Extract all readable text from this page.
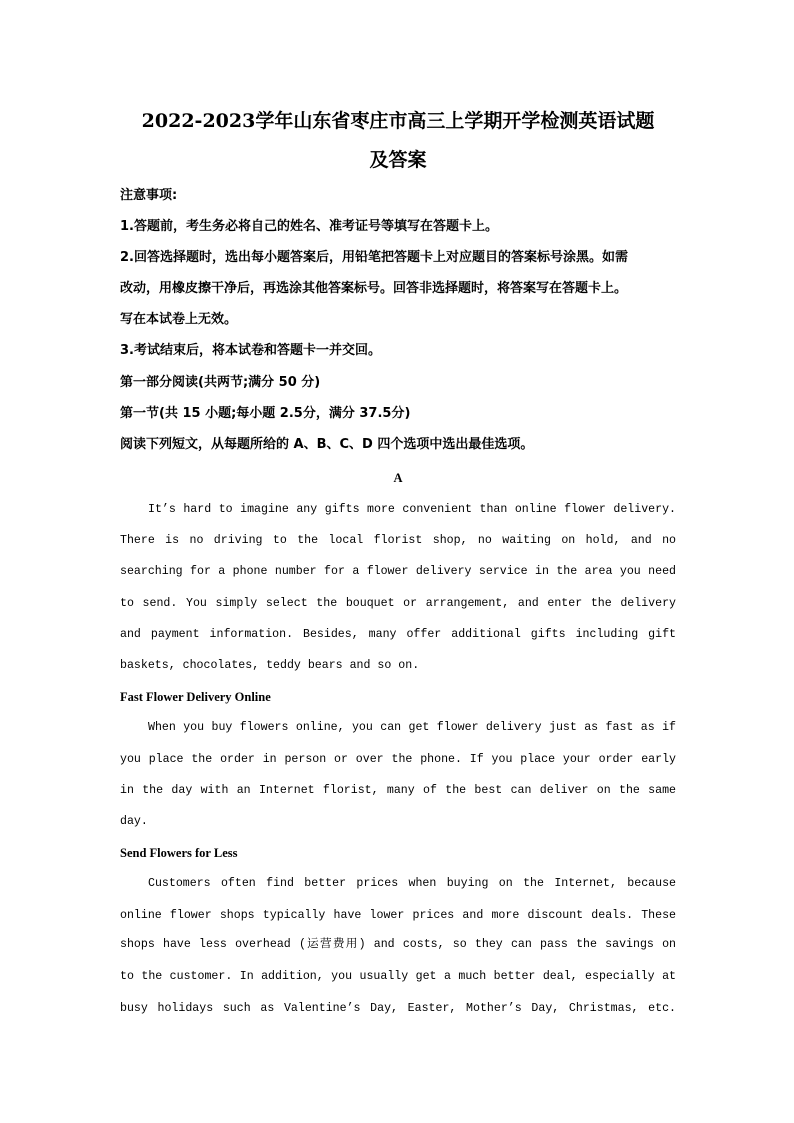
2022-2023学年山东省枣庄市高三上学期开学检测英语试题
及答案
注意事项:
1.答题前，考生务必将自己的姓名、准考证号等填写在答题卡上。
2.回答选择题时，选出每小题答案后，用铅笔把答题卡上对应题目的答案标号涂黑。如需
改动，用橡皮擦干净后，再选涂其他答案标号。回答非选择题时，将答案写在答题卡上。
写在本试卷上无效。
3.考试结束后，将本试卷和答题卡一并交回。
第一部分阅读(共两节;满分 50 分)
第一节(共 15 小题;每小题 2.5分，满分 37.5分)
阅读下列短文，从每题所给的 A、B、C、D 四个选项中选出最佳选项。
A
It’s hard to imagine any gifts more convenient than online flower delivery.
There is no driving to the local florist shop, no waiting on hold, and no
searching for a phone number for a flower delivery service in the area you need
to send. You simply select the bouquet or arrangement, and enter the delivery
and payment information. Besides, many offer additional gifts including gift
baskets, chocolates, teddy bears and so on.
Fast Flower Delivery Online
When you buy flowers online, you can get flower delivery just as fast as if
you place the order in person or over the phone. If you place your order early
in the day with an Internet florist, many of the best can deliver on the same
day.
Send Flowers for Less
Customers often find better prices when buying on the Internet, because
online flower shops typically have lower prices and more discount deals. These
shops have less overhead (运营费用) and costs, so they can pass the savings on
to the customer. In addition, you usually get a much better deal, especially at
busy holidays such as Valentine’s Day, Easter, Mother’s Day, Christmas, etc.
